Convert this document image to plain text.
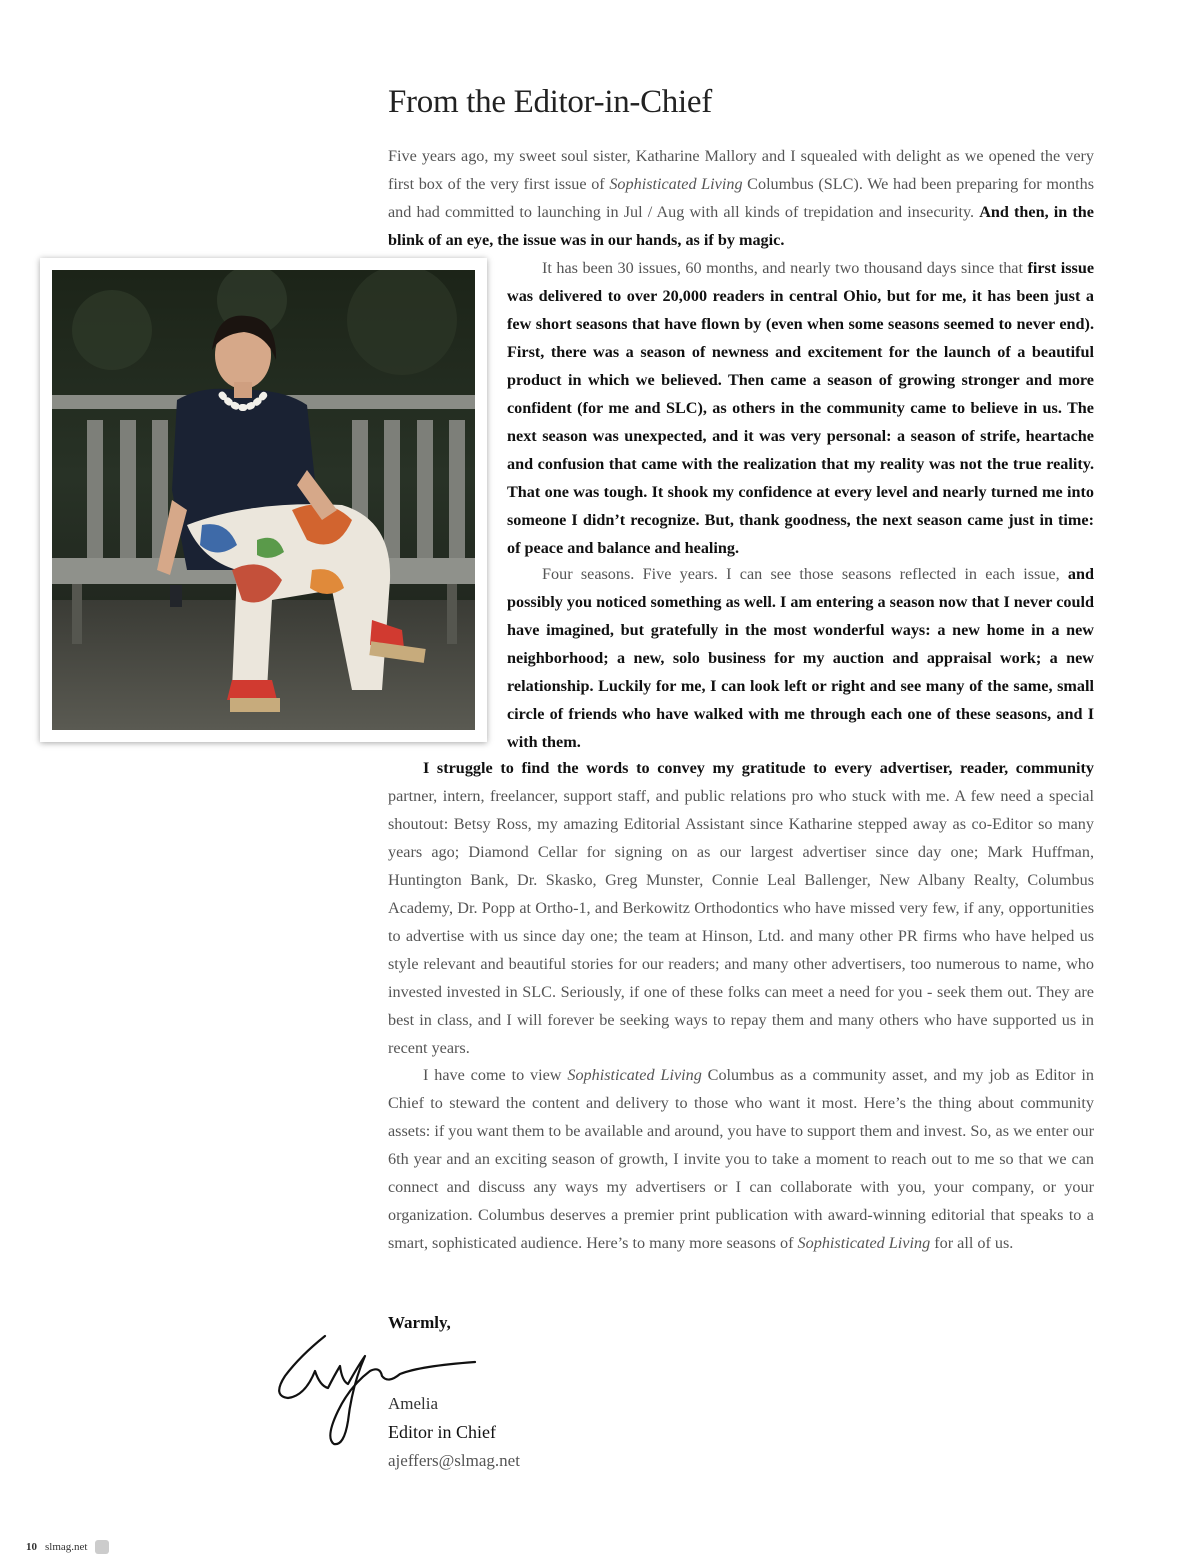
From the Editor-in-Chief

Five years ago, my sweet soul sister, Katharine Mallory and I squealed with delight as we opened the very first box of the very first issue of Sophisticated Living Columbus (SLC). We had been preparing for months and had committed to launching in Jul / Aug with all kinds of trepidation and insecurity. And then, in the blink of an eye, the issue was in our hands, as if by magic.

It has been 30 issues, 60 months, and nearly two thousand days since that first issue was delivered to over 20,000 readers in central Ohio, but for me, it has been just a few short seasons that have flown by (even when some seasons seemed to never end). First, there was a season of newness and excitement for the launch of a beautiful product in which we believed. Then came a season of growing stronger and more confident (for me and SLC), as others in the community came to believe in us. The next season was unexpected, and it was very personal: a season of strife, heartache and confusion that came with the realization that my reality was not the true reality. That one was tough. It shook my confidence at every level and nearly turned me into someone I didn’t recognize. But, thank goodness, the next season came just in time: of peace and balance and healing.

Four seasons. Five years. I can see those seasons reflected in each issue, and possibly you noticed something as well. I am entering a season now that I never could have imagined, but gratefully in the most wonderful ways: a new home in a new neighborhood; a new, solo business for my auction and appraisal work; a new relationship. Luckily for me, I can look left or right and see many of the same, small circle of friends who have walked with me through each one of these seasons, and I with them.

I struggle to find the words to convey my gratitude to every advertiser, reader, community partner, intern, freelancer, support staff, and public relations pro who stuck with me. A few need a special shoutout: Betsy Ross, my amazing Editorial Assistant since Katharine stepped away as co-Editor so many years ago; Diamond Cellar for signing on as our largest advertiser since day one; Mark Huffman, Huntington Bank, Dr. Skasko, Greg Munster, Connie Leal Ballenger, New Albany Realty, Columbus Academy, Dr. Popp at Ortho-1, and Berkowitz Orthodontics who have missed very few, if any, opportunities to advertise with us since day one; the team at Hinson, Ltd. and many other PR firms who have helped us style relevant and beautiful stories for our readers; and many other advertisers, too numerous to name, who invested invested in SLC. Seriously, if one of these folks can meet a need for you - seek them out. They are best in class, and I will forever be seeking ways to repay them and many others who have supported us in recent years.

I have come to view Sophisticated Living Columbus as a community asset, and my job as Editor in Chief to steward the content and delivery to those who want it most. Here’s the thing about community assets: if you want them to be available and around, you have to support them and invest. So, as we enter our 6th year and an exciting season of growth, I invite you to take a moment to reach out to me so that we can connect and discuss any ways my advertisers or I can collaborate with you, your company, or your organization. Columbus deserves a premier print publication with award-winning editorial that speaks to a smart, sophisticated audience. Here’s to many more seasons of Sophisticated Living for all of us.

Warmly,
Amelia
Editor in Chief
ajeffers@slmag.net
10 slmag.net
